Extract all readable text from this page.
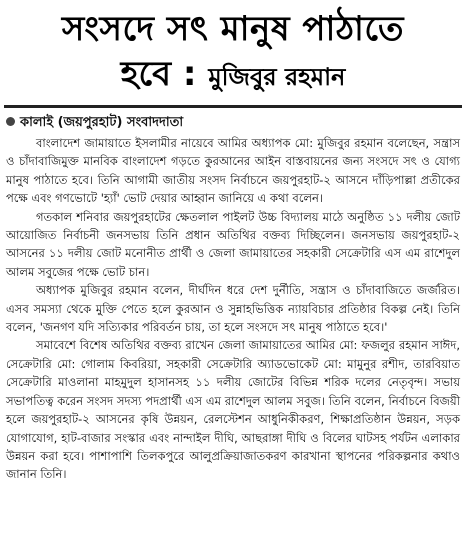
সংসদে সৎ মানুষ পাঠাতে
হবে : মুজিবুর রহমান
কালাই (জয়পুরহাট) সংবাদদাতা

বাংলাদেশ জামায়াতে ইসলামীর নায়েবে আমির অধ্যাপক মো: মুজিবুর রহমান বলেছেন, সন্ত্রাস ও চাঁদাবাজিমুক্ত মানবিক বাংলাদেশ গড়তে কুরআনের আইন বাস্তবায়নের জন্য সংসদে সৎ ও যোগ্য মানুষ পাঠাতে হবে। তিনি আগামী জাতীয় সংসদ নির্বাচনে জয়পুরহাট-২ আসনে দাঁড়িপাল্লা প্রতীকের পক্ষে এবং গণভোটে 'হ্যাঁ' ভোট দেয়ার আহ্বান জানিয়ে এ কথা বলেন।

গতকাল শনিবার জয়পুরহাটের ক্ষেতলাল পাইলট উচ্চ বিদ্যালয় মাঠে অনুষ্ঠিত ১১ দলীয় জোট আয়োজিত নির্বাচনী জনসভায় তিনি প্রধান অতিথির বক্তব্য দিচ্ছিলেন। জনসভায় জয়পুরহাট-২ আসনের ১১ দলীয় জোট মনোনীত প্রার্থী ও জেলা জামায়াতের সহকারী সেক্রেটারি এস এম রাশেদুল আলম সবুজের পক্ষে ভোট চান।

অধ্যাপক মুজিবুর রহমান বলেন, দীর্ঘদিন ধরে দেশ দুর্নীতি, সন্ত্রাস ও চাঁদাবাজিতে জর্জরিত। এসব সমস্যা থেকে মুক্তি পেতে হলে কুরআন ও সুন্নাহভিত্তিক ন্যায়বিচার প্রতিষ্ঠার বিকল্প নেই। তিনি বলেন, 'জনগণ যদি সত্যিকার পরিবর্তন চায়, তা হলে সংসদে সৎ মানুষ পাঠাতে হবে।'

সমাবেশে বিশেষ অতিথির বক্তব্য রাখেন জেলা জামায়াতের আমির মো: ফজলুর রহমান সাঈদ, সেক্রেটারি মো: গোলাম কিবরিয়া, সহকারী সেক্রেটারি অ্যাডভোকেট মো: মামুনুর রশীদ, তারবিয়াত সেক্রেটারি মাওলানা মাহমুদুল হাসানসহ ১১ দলীয় জোটের বিভিন্ন শরিক দলের নেতৃবৃন্দ। সভায় সভাপতিত্ব করেন সংসদ সদস্য পদপ্রার্থী এস এম রাশেদুল আলম সবুজ। তিনি বলেন, নির্বাচনে বিজয়ী হলে জয়পুরহাট-২ আসনের কৃষি উন্নয়ন, রেলস্টেশন আধুনিকীকরণ, শিক্ষাপ্রতিষ্ঠান উন্নয়ন, সড়ক যোগাযোগ, হাট-বাজার সংস্কার এবং নান্দাইল দীঘি, আছরাঙ্গা দীঘি ও বিলের ঘাটসহ পর্যটন এলাকার উন্নয়ন করা হবে। পাশাপাশি তিলকপুরে আলুপ্রক্রিয়াজাতকরণ কারখানা স্থাপনের পরিকল্পনার কথাও জানান তিনি।
